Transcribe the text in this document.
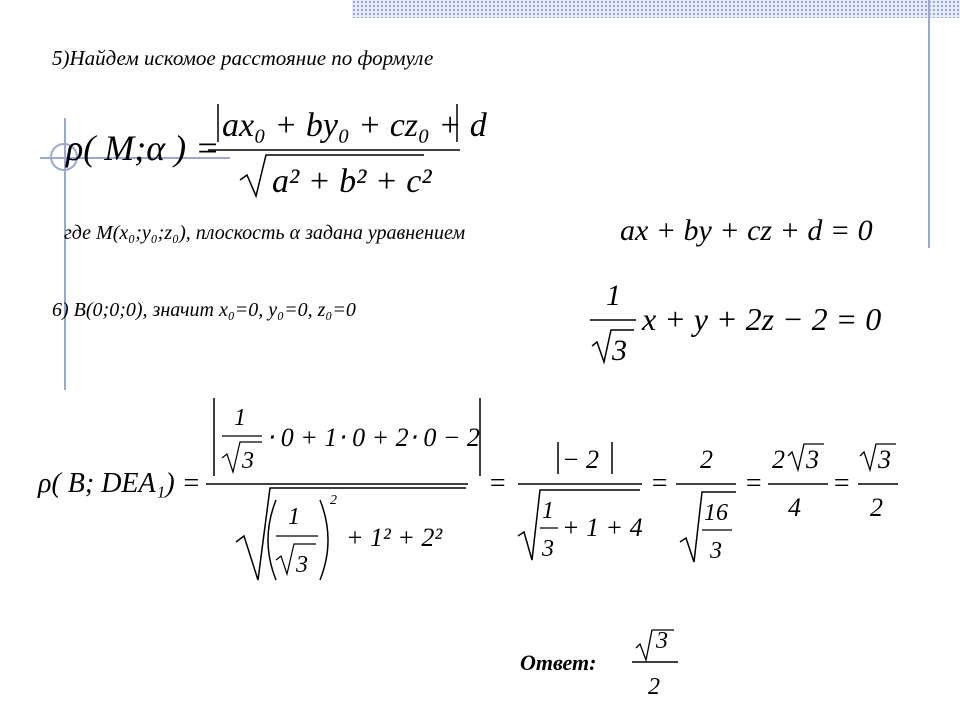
5)Найдем искомое расстояние по формуле
ρ( M;α ) =
ax₀ + by₀ + cz₀ + d
a² + b² + c²
где М(x₀;y₀;z₀), плоскость α задана уравнением	ax + by + cz + d = 0
6) В(0;0;0), значит x₀=0, y₀=0, z₀=0	1
3
x + y + 2z − 2 = 0
ρ( B; DEA₁) =
1
3
⋅ 0 + 1⋅ 0 + 2⋅ 0 − 2
1
3
2
+ 1² + 2²
=
− 2
1
3
+ 1 + 4
=
2
16
3
=
2 3
4
=
3
2
Ответ:
3
2
